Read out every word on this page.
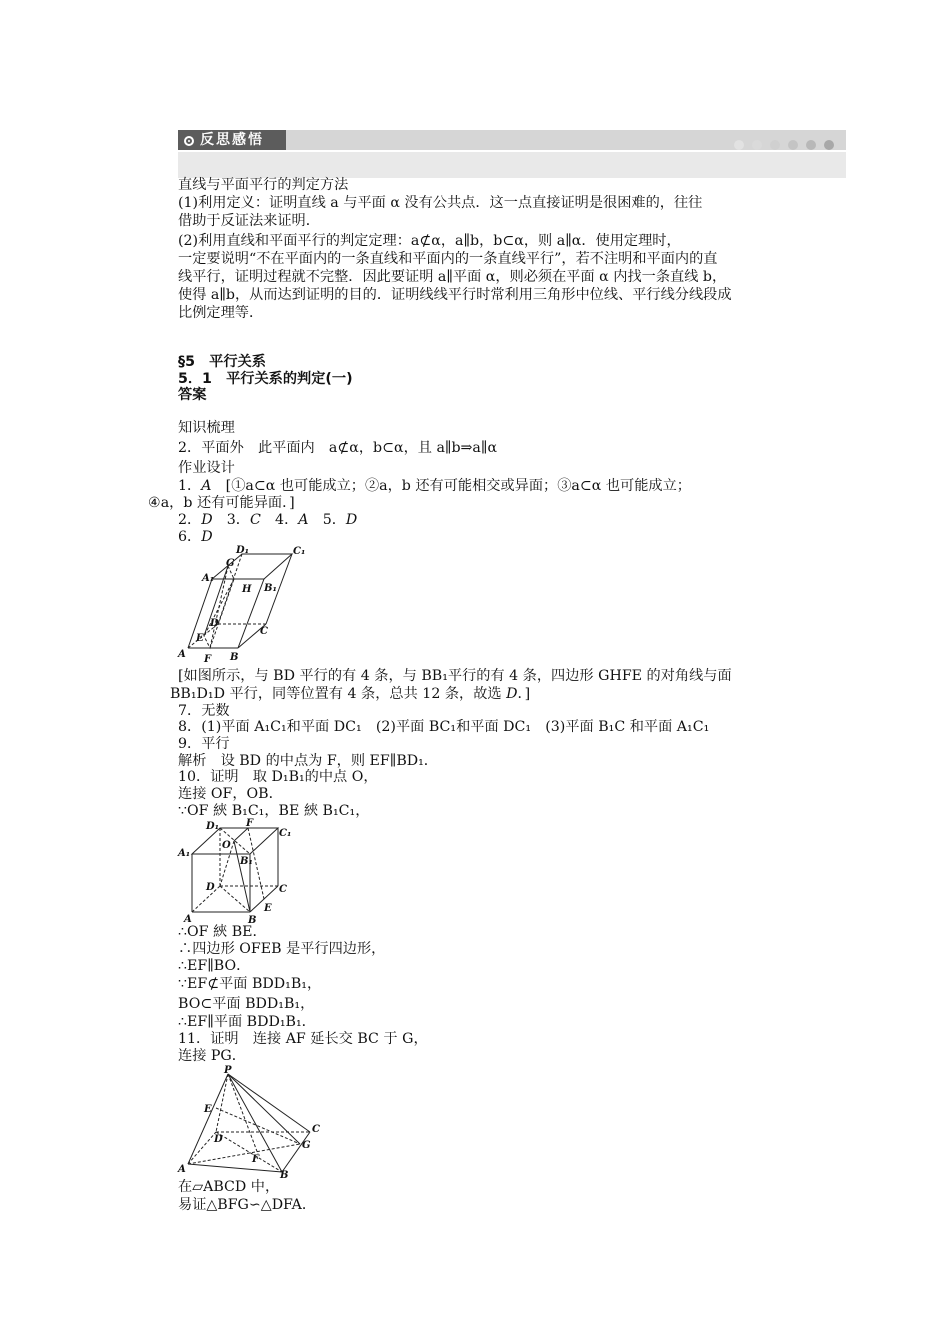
反思感悟
直线与平面平行的判定方法
(1)利用定义：证明直线 a 与平面 α 没有公共点．这一点直接证明是很困难的，往往
借助于反证法来证明．
(2)利用直线和平面平行的判定定理：a⊄α，a∥b，b⊂α，则 a∥α．使用定理时，
一定要说明“不在平面内的一条直线和平面内的一条直线平行”，若不注明和平面内的直
线平行，证明过程就不完整．因此要证明 a∥平面 α，则必须在平面 α 内找一条直线 b，
使得 a∥b，从而达到证明的目的．证明线线平行时常利用三角形中位线、平行线分线段成
比例定理等．
§5　平行关系
5．1　平行关系的判定(一)
答案
知识梳理
2．平面外　此平面内　a⊄α，b⊂α，且 a∥b⇒a∥α
作业设计
1．A　[①a⊂α 也可能成立；②a，b 还有可能相交或异面；③a⊂α 也可能成立；
④a，b 还有可能异面．]
2．D　3．C　4．A　5．D
6．D
D₁	C₁
A₁
G
B₁
H
D
C
E
A F B
[如图所示，与 BD 平行的有 4 条，与 BB₁平行的有 4 条，四边形 GHFE 的对角线与面
BB₁D₁D 平行，同等位置有 4 条，总共 12 条，故选 D．]
7．无数
8．(1)平面 A₁C₁和平面 DC₁　(2)平面 BC₁和平面 DC₁　(3)平面 B₁C 和平面 A₁C₁
9．平行
解析　设 BD 的中点为 F，则 EF∥BD₁．
10．证明　取 D₁B₁的中点 O，
连接 OF，OB．
∵OF 綊 B₁C₁，BE 綊 B₁C₁，
D₁	F
C₁
A₁
O
B₁
D	C
E
A	B
∴OF 綊 BE．
∴四边形 OFEB 是平行四边形，
∴EF∥BO．
∵EF⊄平面 BDD₁B₁，
BO⊂平面 BDD₁B₁，
∴EF∥平面 BDD₁B₁．
11．证明　连接 AF 延长交 BC 于 G，
连接 PG．
P
E
D
C
F
A
B
G
在▱ABCD 中，
易证△BFG∽△DFA．
